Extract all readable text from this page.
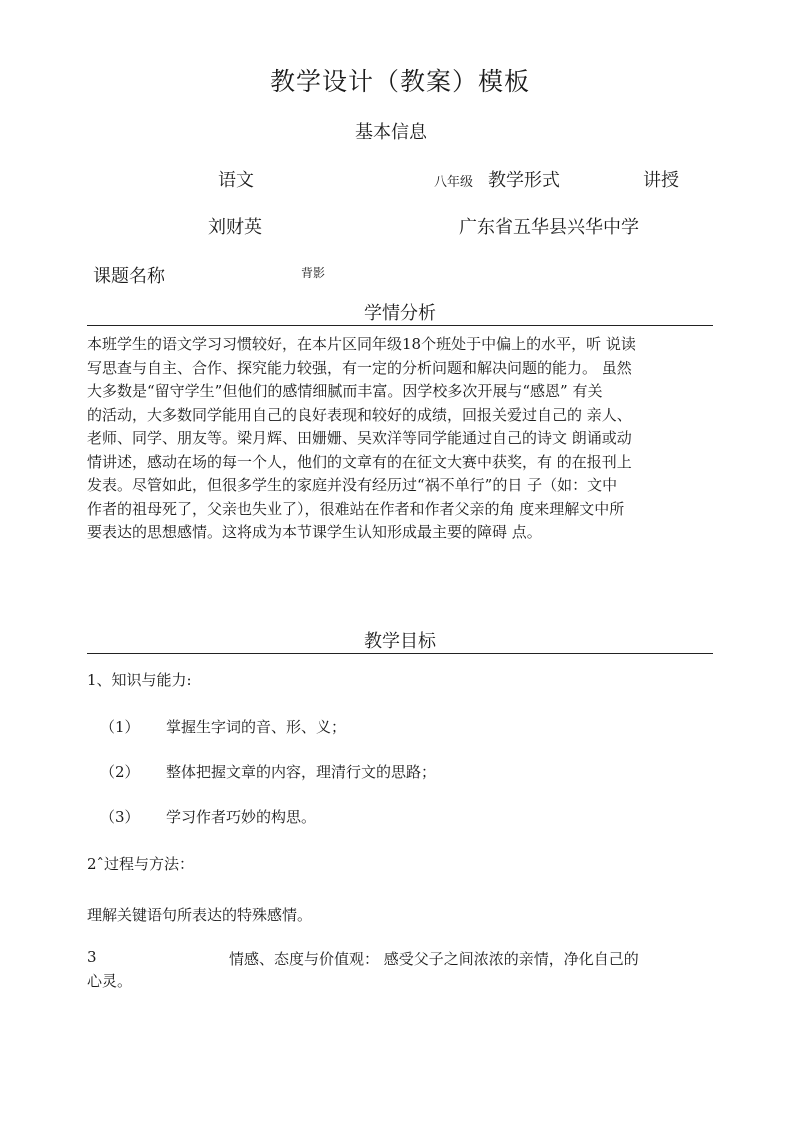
教学设计（教案）模板
基本信息
语文	八年级 教学形式	讲授
刘财英	广东省五华县兴华中学
课题名称	背影
学情分析
本班学生的语文学习习惯较好，在本片区同年级18个班处于中偏上的水平，听 说读
写思查与自主、合作、探究能力较强，有一定的分析问题和解决问题的能力。 虽然
大多数是“留守学生”但他们的感情细腻而丰富。因学校多次开展与“感恩” 有关
的活动，大多数同学能用自己的良好表现和较好的成绩，回报关爱过自己的 亲人、
老师、同学、朋友等。梁月辉、田姗姗、吴欢洋等同学能通过自己的诗文 朗诵或动
情讲述，感动在场的每一个人，他们的文章有的在征文大赛中获奖，有 的在报刊上
发表。尽管如此，但很多学生的家庭并没有经历过“祸不单行”的日 子（如：文中
作者的祖母死了，父亲也失业了），很难站在作者和作者父亲的角 度来理解文中所
要表达的思想感情。这将成为本节课学生认知形成最主要的障碍 点。
教学目标
1、知识与能力:
（1） 掌握生字词的音、形、义；
（2） 整体把握文章的内容，理清行文的思路；
（3） 学习作者巧妙的构思。
2ˆ过程与方法：
理解关键语句所表达的特殊感情。
3	情感、态度与价值观： 感受父子之间浓浓的亲情，净化自己的
心灵。
